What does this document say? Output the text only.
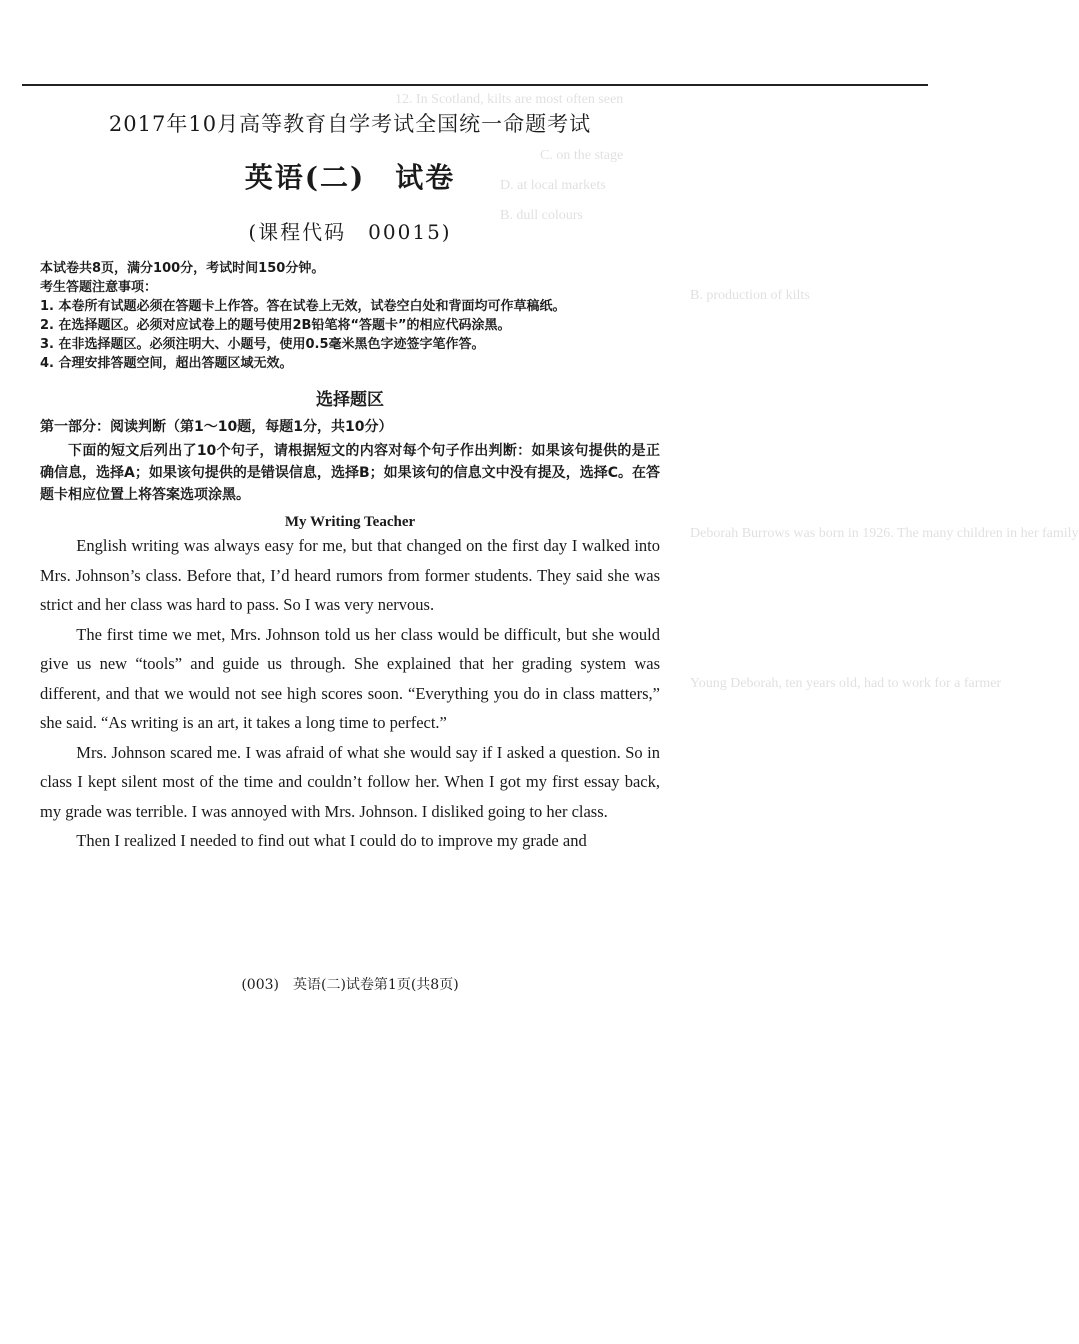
12. In Scotland, kilts are most often seen
C. on the stage
D. at local markets
B. dull colours
B. production of kilts
Deborah Burrows was born in 1926. The many children in her family
Young Deborah, ten years old, had to work for a farmer
2017年10月高等教育自学考试全国统一命题考试
英语(二)　试卷
(课程代码　00015)
本试卷共8页，满分100分，考试时间150分钟。
考生答题注意事项：
1. 本卷所有试题必须在答题卡上作答。答在试卷上无效，试卷空白处和背面均可作草稿纸。
2. 在选择题区。必须对应试卷上的题号使用2B铅笔将“答题卡”的相应代码涂黑。
3. 在非选择题区。必须注明大、小题号，使用0.5毫米黑色字迹签字笔作答。
4. 合理安排答题空间，超出答题区域无效。
选择题区
第一部分：阅读判断（第1～10题，每题1分，共10分）
下面的短文后列出了10个句子，请根据短文的内容对每个句子作出判断：如果该句提供的是正确信息，选择A；如果该句提供的是错误信息，选择B；如果该句的信息文中没有提及，选择C。在答题卡相应位置上将答案选项涂黑。
My Writing Teacher

English writing was always easy for me, but that changed on the first day I walked into Mrs. Johnson’s class. Before that, I’d heard rumors from former students. They said she was strict and her class was hard to pass. So I was very nervous.

The first time we met, Mrs. Johnson told us her class would be difficult, but she would give us new “tools” and guide us through. She explained that her grading system was different, and that we would not see high scores soon. “Everything you do in class matters,” she said. “As writing is an art, it takes a long time to perfect.”

Mrs. Johnson scared me. I was afraid of what she would say if I asked a question. So in class I kept silent most of the time and couldn’t follow her. When I got my first essay back, my grade was terrible. I was annoyed with Mrs. Johnson. I disliked going to her class.

Then I realized I needed to find out what I could do to improve my grade and

(003)　英语(二)试卷第1页(共8页)
